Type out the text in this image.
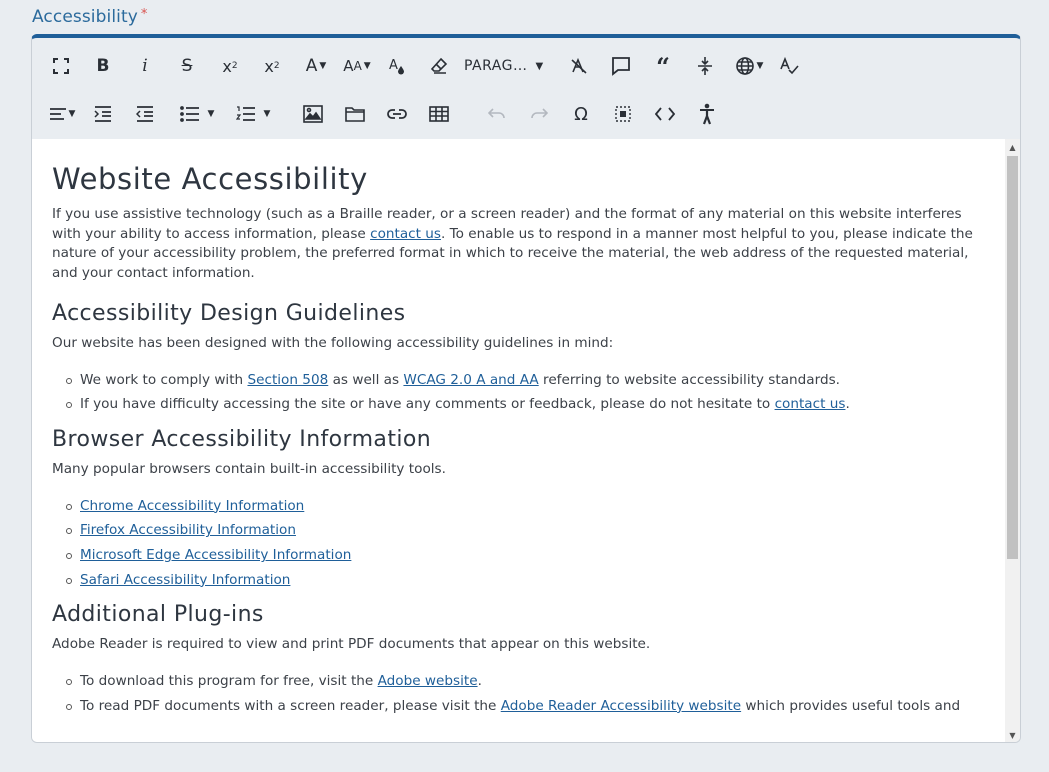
Accessibility *
B	i	S	x 2	x 2	A ▼	A A ▼ A	PARAG… ▼	“	▼
▼	▼	▼	Ω
Website Accessibility

If you use assistive technology (such as a Braille reader, or a screen reader) and the format of any material on this website interferes with your ability to access information, please contact us. To enable us to respond in a manner most helpful to you, please indicate the nature of your accessibility problem, the preferred format in which to receive the material, the web address of the requested material, and your contact information.

Accessibility Design Guidelines

Our website has been designed with the following accessibility guidelines in mind:

We work to comply with Section 508 as well as WCAG 2.0 A and AA referring to website accessibility standards.
If you have difficulty accessing the site or have any comments or feedback, please do not hesitate to contact us.
Browser Accessibility Information

Many popular browsers contain built-in accessibility tools.

Chrome Accessibility Information
Firefox Accessibility Information
Microsoft Edge Accessibility Information
Safari Accessibility Information
Additional Plug-ins

Adobe Reader is required to view and print PDF documents that appear on this website.

To download this program for free, visit the Adobe website.
To read PDF documents with a screen reader, please visit the Adobe Reader Accessibility website which provides useful tools and
▲
▼
